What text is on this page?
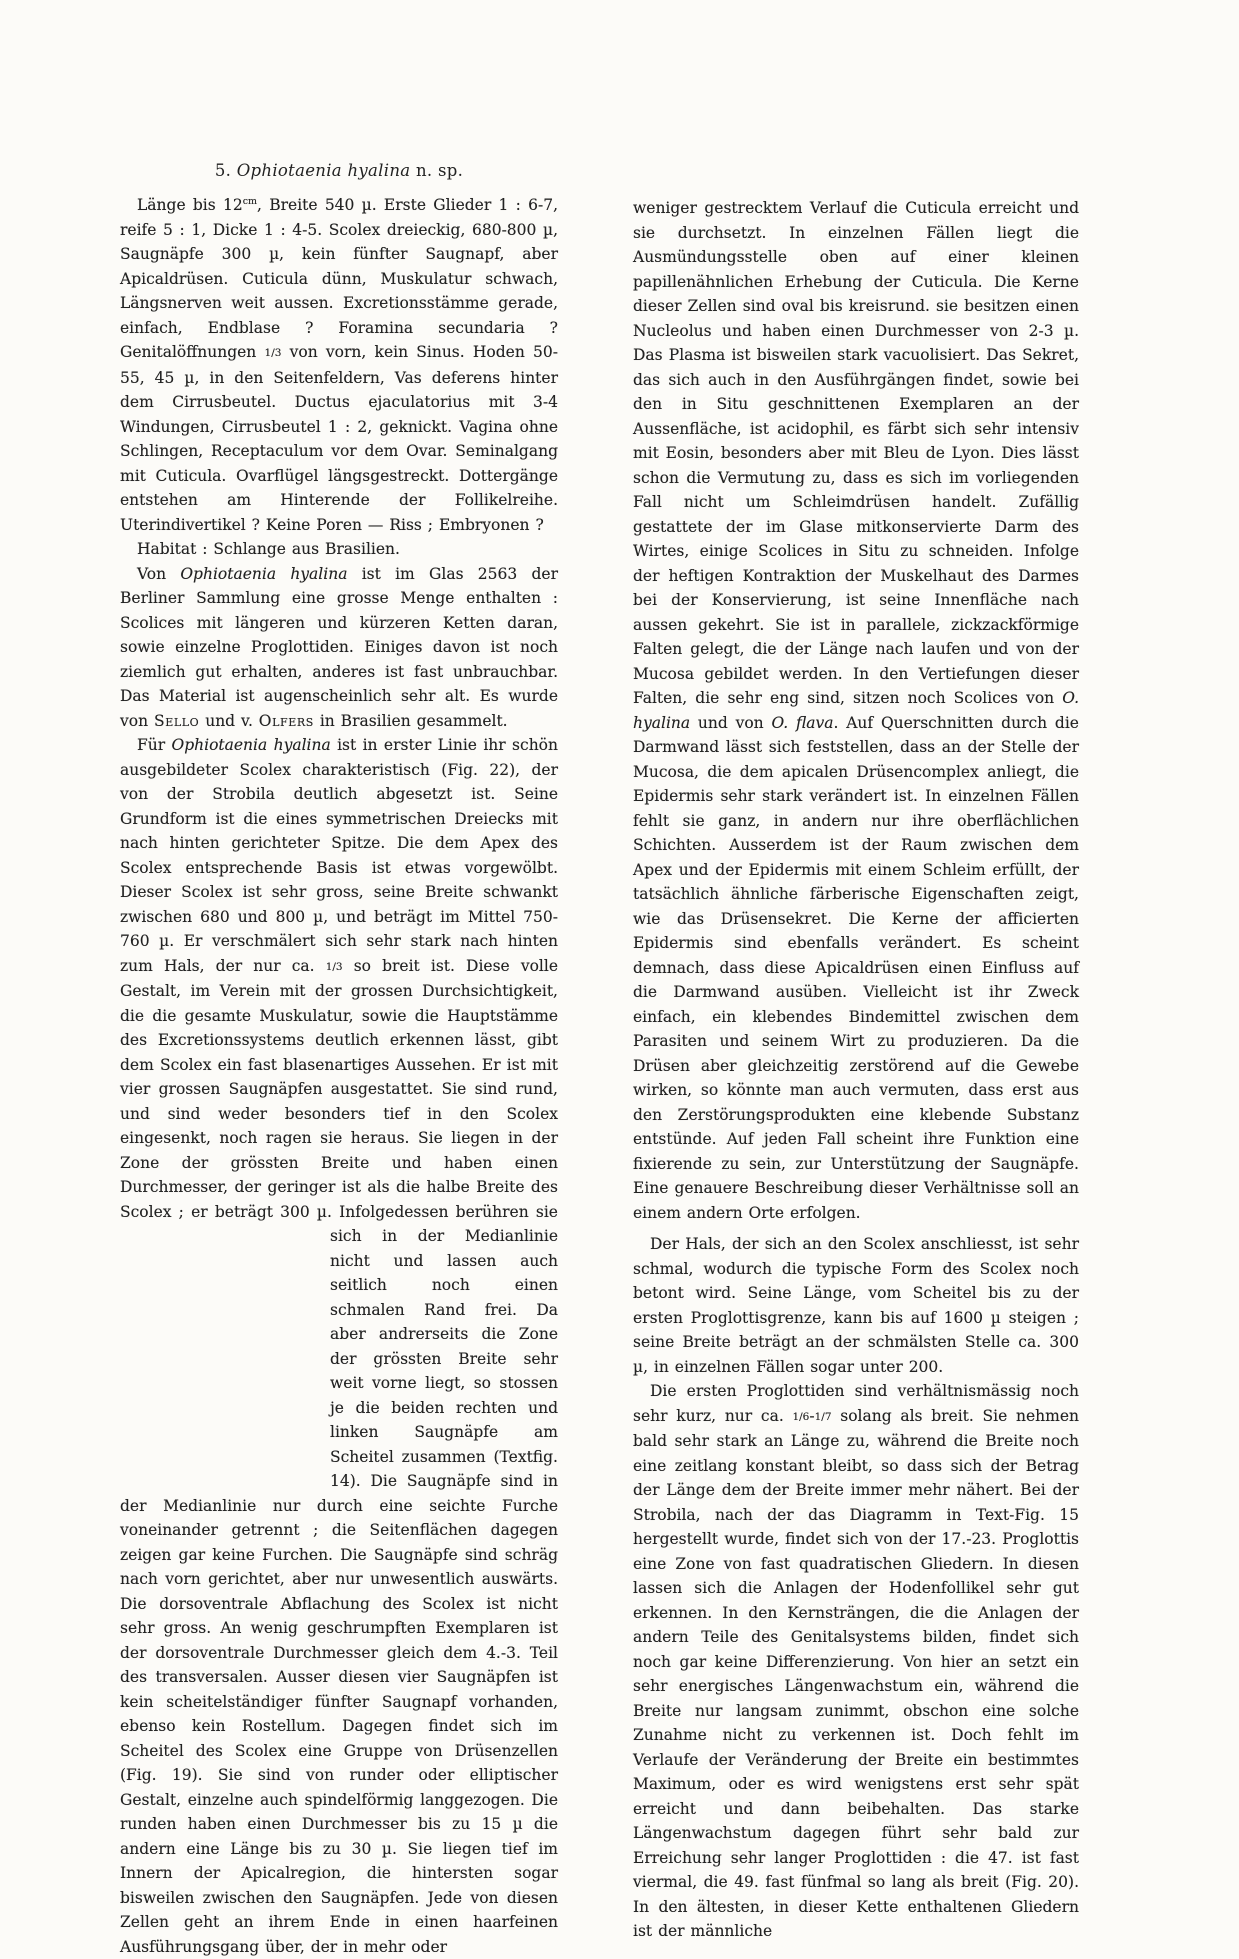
5. Ophiotaenia hyalina n. sp.

Länge bis $12^{cm}$, Breite 540 µ. Erste Glieder 1 : 6-7, reife 5 : 1, Dicke 1 : 4-5. Scolex dreieckig, 680-800 µ, Saugnäpfe 300 µ, kein fünfter Saugnapf, aber Apicaldrüsen. Cuticula dünn, Muskulatur schwach, Längsnerven weit aussen. Excretionsstämme gerade, einfach, Endblase ? Foramina secundaria ? Genitalöffnungen 1/3 von vorn, kein Sinus. Hoden 50-55, 45 µ, in den Seitenfeldern, Vas deferens hinter dem Cirrusbeutel. Ductus ejaculatorius mit 3-4 Windungen, Cirrusbeutel 1 : 2, geknickt. Vagina ohne Schlingen, Receptaculum vor dem Ovar. Seminalgang mit Cuticula. Ovarflügel längsgestreckt. Dottergänge entstehen am Hinterende der Follikelreihe. Uterindivertikel ? Keine Poren — Riss ; Embryonen ?

Habitat : Schlange aus Brasilien.

Von Ophiotaenia hyalina ist im Glas 2563 der Berliner Sammlung eine grosse Menge enthalten : Scolices mit längeren und kürzeren Ketten daran, sowie einzelne Proglottiden. Einiges davon ist noch ziemlich gut erhalten, anderes ist fast unbrauchbar. Das Material ist augenscheinlich sehr alt. Es wurde von Sello und v. Olfers in Brasilien gesammelt.

Für Ophiotaenia hyalina ist in erster Linie ihr schön ausgebildeter Scolex charakteristisch (Fig. 22), der von der Strobila deutlich abgesetzt ist. Seine Grundform ist die eines symmetrischen Dreiecks mit nach hinten gerichteter Spitze. Die dem Apex des Scolex entsprechende Basis ist etwas vorgewölbt. Dieser Scolex ist sehr gross, seine Breite schwankt zwischen 680 und 800 µ, und beträgt im Mittel 750-760 µ. Er verschmälert sich sehr stark nach hinten zum Hals, der nur ca. 1/3 so breit ist. Diese volle Gestalt, im Verein mit der grossen Durchsichtigkeit, die die gesamte Muskulatur, sowie die Hauptstämme des Excretionssystems deutlich erkennen lässt, gibt dem Scolex ein fast blasenartiges Aussehen. Er ist mit vier grossen Saugnäpfen ausgestattet. Sie sind rund, und sind weder besonders tief in den Scolex eingesenkt, noch ragen sie heraus. Sie liegen in der Zone der grössten Breite und haben einen Durchmesser, der geringer ist als die halbe Breite des Scolex ; er beträgt 300 µ. Infolgedessen berühren sie sich in der
Medianlinie nicht und lassen auch seitlich noch einen schmalen Rand frei. Da aber andrerseits die Zone der grössten Breite sehr weit vorne liegt, so stossen je die beiden rechten und linken Saugnäpfe am Scheitel zusammen (Textfig. 14). Die Saugnäpfe sind in der Medianlinie nur durch eine seichte Furche voneinander getrennt ; die Seitenflächen dagegen zeigen gar keine Furchen. Die Saugnäpfe sind schräg nach vorn gerichtet, aber nur unwesentlich auswärts. Die dorsoventrale Abflachung des Scolex ist nicht sehr gross. An wenig geschrumpften Exemplaren ist der dorsoventrale Durchmesser gleich dem 4.-3. Teil des transversalen. Ausser diesen vier Saugnäpfen ist kein scheitelständiger fünfter Saugnapf vorhanden, ebenso kein Rostellum. Dagegen findet sich im Scheitel des Scolex eine Gruppe von Drüsenzellen (Fig. 19). Sie sind von runder oder elliptischer Gestalt, einzelne auch spindelförmig langgezogen. Die runden haben einen Durchmesser bis zu 15 µ die andern eine Länge bis zu 30 µ. Sie liegen tief im Innern der Apicalregion, die hintersten sogar bisweilen zwischen den Saugnäpfen. Jede von diesen Zellen geht an ihrem Ende in einen haarfeinen Ausführungsgang über, der in mehr oder

weniger gestrecktem Verlauf die Cuticula erreicht und sie durchsetzt. In einzelnen Fällen liegt die Ausmündungsstelle oben auf einer kleinen papillenähnlichen Erhebung der Cuticula. Die Kerne dieser Zellen sind oval bis kreisrund. sie besitzen einen Nucleolus und haben einen Durchmesser von 2-3 µ. Das Plasma ist bisweilen stark vacuolisiert. Das Sekret, das sich auch in den Ausführgängen findet, sowie bei den in Situ geschnittenen Exemplaren an der Aussenfläche, ist acidophil, es färbt sich sehr intensiv mit Eosin, besonders aber mit Bleu de Lyon. Dies lässt schon die Vermutung zu, dass es sich im vorliegenden Fall nicht um Schleimdrüsen handelt. Zufällig gestattete der im Glase mitkonservierte Darm des Wirtes, einige Scolices in Situ zu schneiden. Infolge der heftigen Kontraktion der Muskelhaut des Darmes bei der Konservierung, ist seine Innenfläche nach aussen gekehrt. Sie ist in parallele, zickzackförmige Falten gelegt, die der Länge nach laufen und von der Mucosa gebildet werden. In den Vertiefungen dieser Falten, die sehr eng sind, sitzen noch Scolices von O. hyalina und von O. flava. Auf Querschnitten durch die Darmwand lässt sich feststellen, dass an der Stelle der Mucosa, die dem apicalen Drüsencomplex anliegt, die Epidermis sehr stark verändert ist. In einzelnen Fällen fehlt sie ganz, in andern nur ihre oberflächlichen Schichten. Ausserdem ist der Raum zwischen dem Apex und der Epidermis mit einem Schleim erfüllt, der tatsächlich ähnliche färberische Eigenschaften zeigt, wie das Drüsensekret. Die Kerne der afficierten Epidermis sind ebenfalls verändert. Es scheint demnach, dass diese Apicaldrüsen einen Einfluss auf die Darmwand ausüben. Vielleicht ist ihr Zweck einfach, ein klebendes Bindemittel zwischen dem Parasiten und seinem Wirt zu produzieren. Da die Drüsen aber gleichzeitig zerstörend auf die Gewebe wirken, so könnte man auch vermuten, dass erst aus den Zerstörungsprodukten eine klebende Substanz entstünde. Auf jeden Fall scheint ihre Funktion eine fixierende zu sein, zur Unterstützung der Saugnäpfe. Eine genauere Beschreibung dieser Verhältnisse soll an einem andern Orte erfolgen.

Der Hals, der sich an den Scolex anschliesst, ist sehr schmal, wodurch die typische Form des Scolex noch betont wird. Seine Länge, vom Scheitel bis zu der ersten Proglottisgrenze, kann bis auf 1600 µ steigen ; seine Breite beträgt an der schmälsten Stelle ca. 300 µ, in einzelnen Fällen sogar unter 200.

Die ersten Proglottiden sind verhältnismässig noch sehr kurz, nur ca. 1/6-1/7 solang als breit. Sie nehmen bald sehr stark an Länge zu, während die Breite noch eine zeitlang konstant bleibt, so dass sich der Betrag der Länge dem der Breite immer mehr nähert. Bei der Strobila, nach der das Diagramm in Text-Fig. 15 hergestellt wurde, findet sich von der 17.-23. Proglottis eine Zone von fast quadratischen Gliedern. In diesen lassen sich die Anlagen der Hodenfollikel sehr gut erkennen. In den Kernsträngen, die die Anlagen der andern Teile des Genitalsystems bilden, findet sich noch gar keine Differenzierung. Von hier an setzt ein sehr energisches Längenwachstum ein, während die Breite nur langsam zunimmt, obschon eine solche Zunahme nicht zu verkennen ist. Doch fehlt im Verlaufe der Veränderung der Breite ein bestimmtes Maximum, oder es wird wenigstens erst sehr spät erreicht und dann beibehalten. Das starke Längenwachstum dagegen führt sehr bald zur Erreichung sehr langer Proglottiden : die 47. ist fast viermal, die 49. fast fünfmal so lang als breit (Fig. 20). In den ältesten, in dieser Kette enthaltenen Gliedern ist der männliche
